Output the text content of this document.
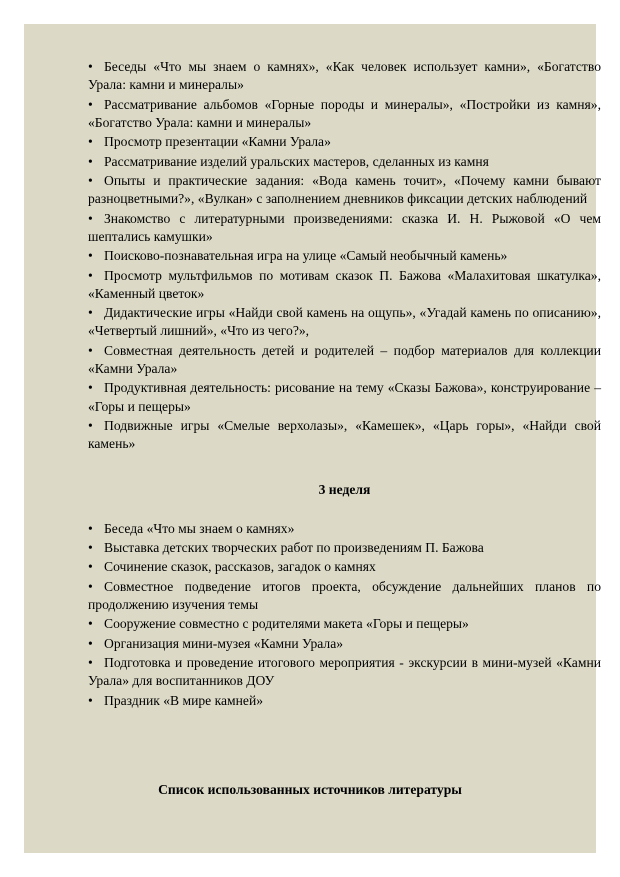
• Беседы «Что мы знаем о камнях», «Как человек использует камни», «Богатство Урала: камни и минералы»
• Рассматривание альбомов «Горные породы и минералы», «Постройки из камня», «Богатство Урала: камни и минералы»
• Просмотр презентации «Камни Урала»
• Рассматривание изделий уральских мастеров, сделанных из камня
• Опыты и практические задания: «Вода камень точит», «Почему камни бывают разноцветными?», «Вулкан» с заполнением дневников фиксации детских наблюдений
• Знакомство с литературными произведениями: сказка И. Н. Рыжовой «О чем шептались камушки»
• Поисково-познавательная игра на улице «Самый необычный камень»
• Просмотр мультфильмов по мотивам сказок П. Бажова «Малахитовая шкатулка», «Каменный цветок»
• Дидактические игры «Найди свой камень на ощупь», «Угадай камень по описанию», «Четвертый лишний», «Что из чего?»,
• Совместная деятельность детей и родителей – подбор материалов для коллекции «Камни Урала»
• Продуктивная деятельность: рисование на тему «Сказы Бажова», конструирование – «Горы и пещеры»
• Подвижные игры «Смелые верхолазы», «Камешек», «Царь горы», «Найди свой камень»
3 неделя
• Беседа «Что мы знаем о камнях»
• Выставка детских творческих работ по произведениям П. Бажова
• Сочинение сказок, рассказов, загадок о камнях
• Совместное подведение итогов проекта, обсуждение дальнейших планов по продолжению изучения темы
• Сооружение совместно с родителями макета «Горы и пещеры»
• Организация мини-музея «Камни Урала»
• Подготовка и проведение итогового мероприятия - экскурсии в мини-музей «Камни Урала» для воспитанников ДОУ
• Праздник «В мире камней»
Список использованных источников литературы
